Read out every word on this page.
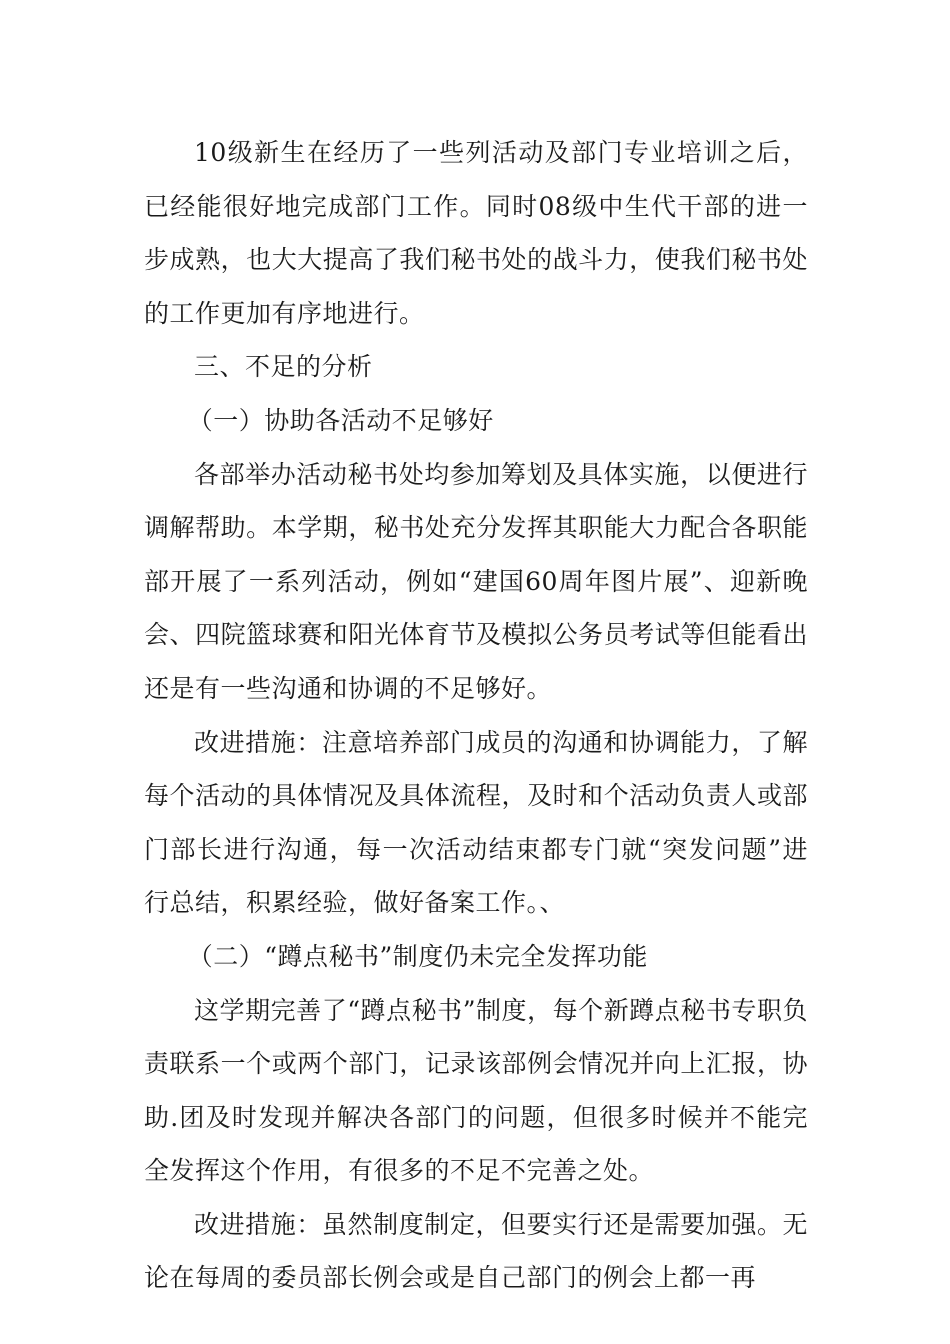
10级新生在经历了一些列活动及部门专业培训之后，已经能很好地完成部门工作。同时08级中生代干部的进一步成熟，也大大提高了我们秘书处的战斗力，使我们秘书处的工作更加有序地进行。

三、不足的分析

（一）协助各活动不足够好

各部举办活动秘书处均参加筹划及具体实施，以便进行调解帮助。本学期，秘书处充分发挥其职能大力配合各职能部开展了一系列活动，例如“建国60周年图片展”、迎新晚会、四院篮球赛和阳光体育节及模拟公务员考试等但能看出还是有一些沟通和协调的不足够好。

改进措施：注意培养部门成员的沟通和协调能力，了解每个活动的具体情况及具体流程，及时和个活动负责人或部门部长进行沟通，每一次活动结束都专门就“突发问题”进行总结，积累经验，做好备案工作。、

（二）“蹲点秘书”制度仍未完全发挥功能

这学期完善了“蹲点秘书”制度，每个新蹲点秘书专职负责联系一个或两个部门，记录该部例会情况并向上汇报，协助.团及时发现并解决各部门的问题，但很多时候并不能完全发挥这个作用，有很多的不足不完善之处。

改进措施：虽然制度制定，但要实行还是需要加强。无论在每周的委员部长例会或是自己部门的例会上都一再
